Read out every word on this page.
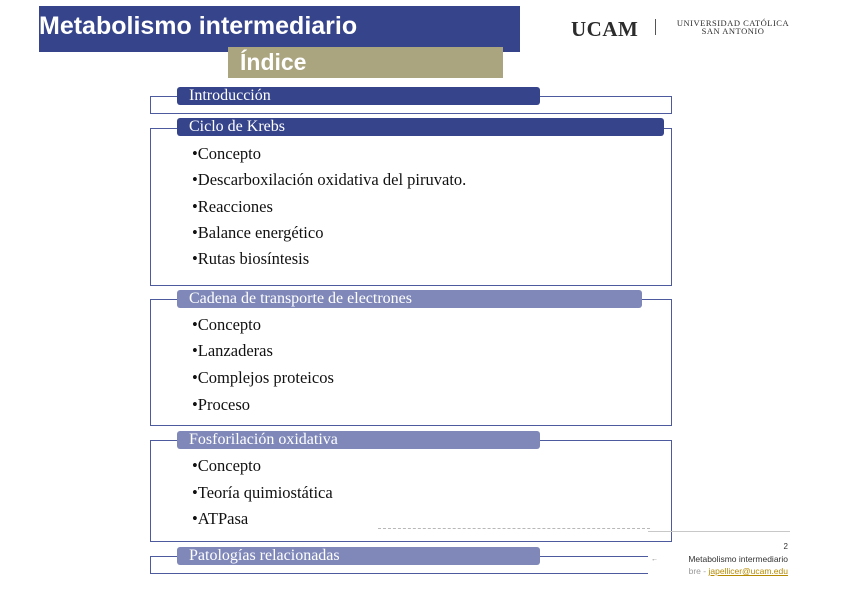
Metabolismo intermediario
Índice
UCAM	UNIVERSIDAD CATÓLICA
SAN ANTONIO
Introducción
Ciclo de Krebs
•Concepto
•Descarboxilación oxidativa del piruvato.
•Reacciones
•Balance energético
•Rutas biosíntesis
Cadena de transporte de electrones
•Concepto
•Lanzaderas
•Complejos proteicos
•Proceso
Fosforilación oxidativa
•Concepto
•Teoría quimiostática
•ATPasa
Patologías relacionadas	←
2
Metabolismo intermediario
bre - japellicer@ucam.edu
